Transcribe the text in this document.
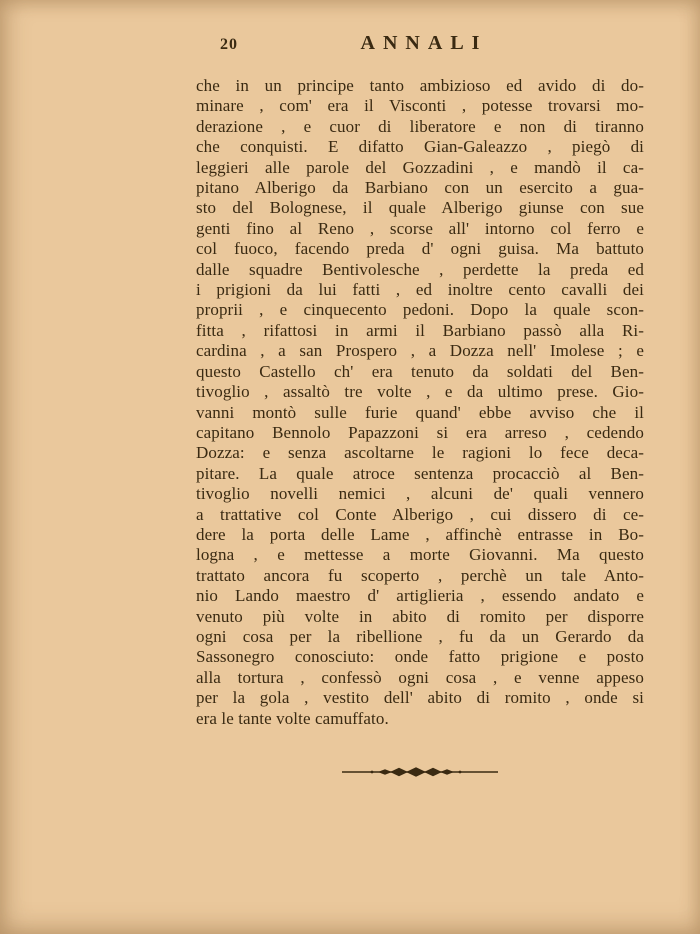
20	ANNALI
che in un principe tanto ambizioso ed avido di do-
minare , com' era il Visconti , potesse trovarsi mo-
derazione , e cuor di liberatore e non di tiranno
che conquisti. E difatto Gian-Galeazzo , piegò di
leggieri alle parole del Gozzadini , e mandò il ca-
pitano Alberigo da Barbiano con un esercito a gua-
sto del Bolognese, il quale Alberigo giunse con sue
genti fino al Reno , scorse all' intorno col ferro e
col fuoco, facendo preda d' ogni guisa. Ma battuto
dalle squadre Bentivolesche , perdette la preda ed
i prigioni da lui fatti , ed inoltre cento cavalli dei
proprii , e cinquecento pedoni. Dopo la quale scon-
fitta , rifattosi in armi il Barbiano passò alla Ri-
cardina , a san Prospero , a Dozza nell' Imolese ; e
questo Castello ch' era tenuto da soldati del Ben-
tivoglio , assaltò tre volte , e da ultimo prese. Gio-
vanni montò sulle furie quand' ebbe avviso che il
capitano Bennolo Papazzoni si era arreso , cedendo
Dozza: e senza ascoltarne le ragioni lo fece deca-
pitare. La quale atroce sentenza procacciò al Ben-
tivoglio novelli nemici , alcuni de' quali vennero
a trattative col Conte Alberigo , cui dissero di ce-
dere la porta delle Lame , affinchè entrasse in Bo-
logna , e mettesse a morte Giovanni. Ma questo
trattato ancora fu scoperto , perchè un tale Anto-
nio Lando maestro d' artiglieria , essendo andato e
venuto più volte in abito di romito per disporre
ogni cosa per la ribellione , fu da un Gerardo da
Sassonegro conosciuto: onde fatto prigione e posto
alla tortura , confessò ogni cosa , e venne appeso
per la gola , vestito dell' abito di romito , onde si
era le tante volte camuffato.
